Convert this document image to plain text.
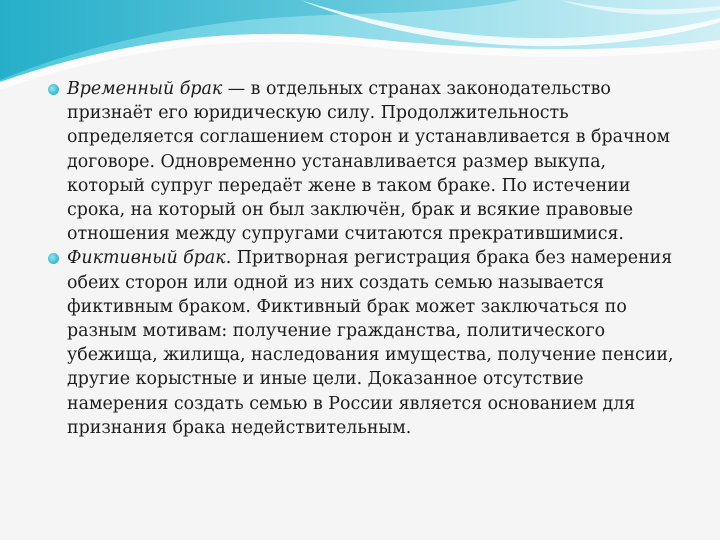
Временный брак — в отдельных странах законодательство признаёт его юридическую силу. Продолжительность определяется соглашением сторон и устанавливается в брачном договоре. Одновременно устанавливается размер выкупа, который супруг передаёт жене в таком браке. По истечении срока, на который он был заключён, брак и всякие правовые отношения между супругами считаются прекратившимися.
Фиктивный брак. Притворная регистрация брака без намерения обеих сторон или одной из них создать семью называется фиктивным браком. Фиктивный брак может заключаться по разным мотивам: получение гражданства, политического убежища, жилища, наследования имущества, получение пенсии, другие корыстные и иные цели. Доказанное отсутствие намерения создать семью в России является основанием для признания брака недействительным.
